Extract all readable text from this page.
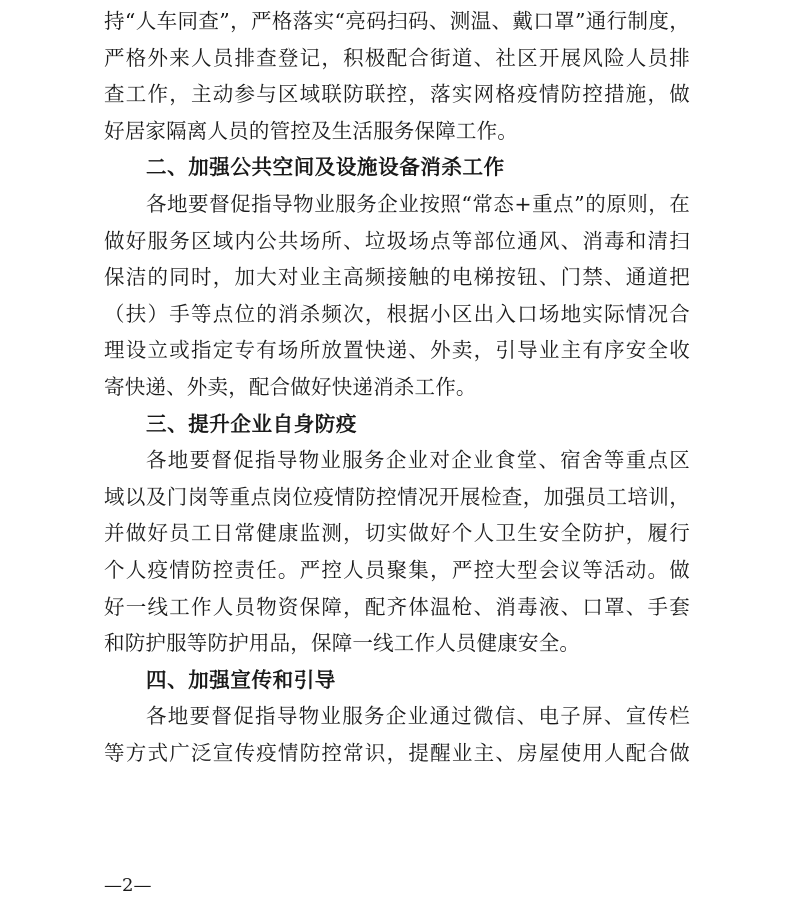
持“人车同查”，严格落实“亮码扫码、测温、戴口罩”通行制度，
严格外来人员排查登记，积极配合街道、社区开展风险人员排
查工作，主动参与区域联防联控，落实网格疫情防控措施，做
好居家隔离人员的管控及生活服务保障工作。
二、加强公共空间及设施设备消杀工作
各地要督促指导物业服务企业按照“常态+重点”的原则，在
做好服务区域内公共场所、垃圾场点等部位通风、消毒和清扫
保洁的同时，加大对业主高频接触的电梯按钮、门禁、通道把
（扶）手等点位的消杀频次，根据小区出入口场地实际情况合
理设立或指定专有场所放置快递、外卖，引导业主有序安全收
寄快递、外卖，配合做好快递消杀工作。
三、提升企业自身防疫
各地要督促指导物业服务企业对企业食堂、宿舍等重点区
域以及门岗等重点岗位疫情防控情况开展检查，加强员工培训，
并做好员工日常健康监测，切实做好个人卫生安全防护，履行
个人疫情防控责任。严控人员聚集，严控大型会议等活动。做
好一线工作人员物资保障，配齐体温枪、消毒液、口罩、手套
和防护服等防护用品，保障一线工作人员健康安全。
四、加强宣传和引导
各地要督促指导物业服务企业通过微信、电子屏、宣传栏
等方式广泛宣传疫情防控常识，提醒业主、房屋使用人配合做
—2—
